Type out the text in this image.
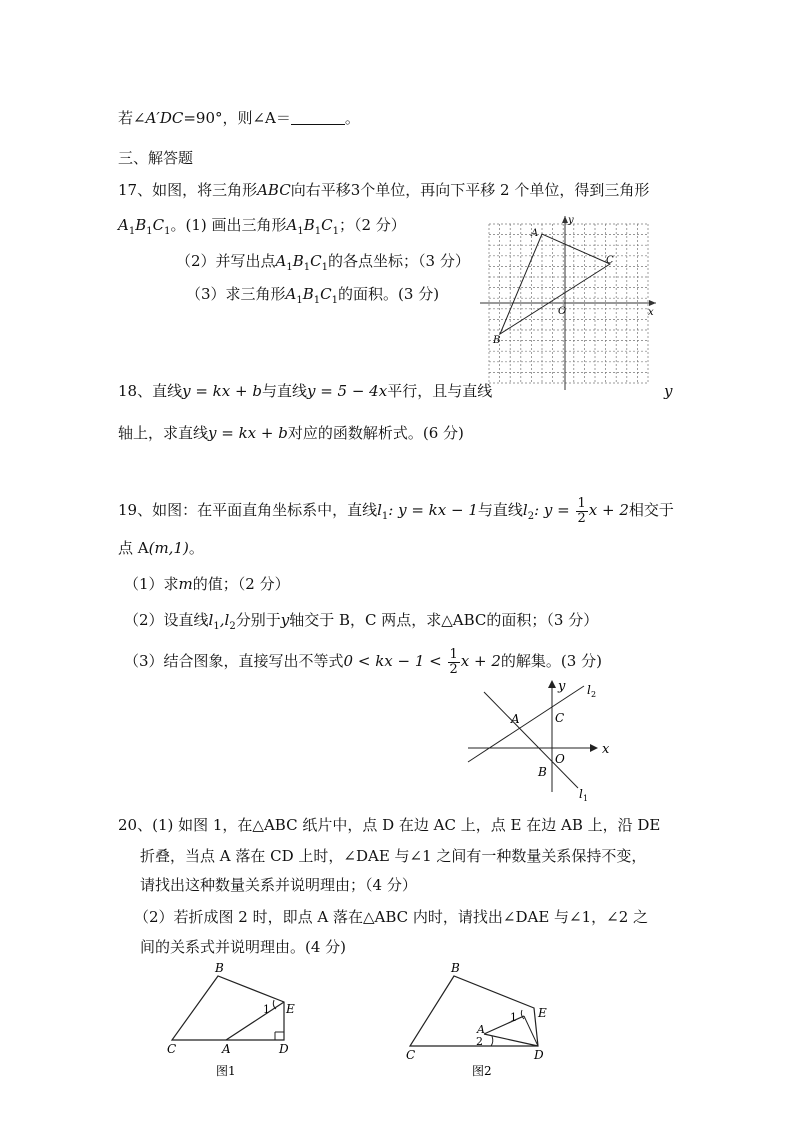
若∠A′DC=90°，则∠A＝	。
三、解答题
17、如图，将三角形ABC向右平移3个单位，再向下平移 2 个单位，得到三角形
$A_1B_1C_1$。(1) 画出三角形$A_1B_1C_1$；（2 分）
（2）并写出点$A_1B_1C_1$的各点坐标；（3 分）
（3）求三角形$A_1B_1C_1$的面积。(3 分)
A
B
C
O	x
y
18、直线y = kx + b与直线y = 5 − 4x平行，且与直线	y
轴上，求直线y = kx + b对应的函数解析式。(6 分)
19、如图：在平面直角坐标系中，直线$l_1$: y = kx − 1与直线$l_2$: $y = \frac{1}{2}$ x + 2相交于
点 A(m,1)。
（1）求m的值；（2 分）
（2）设直线$l_1,l_2$分别于y轴交于 B，C 两点，求△ABC的面积；（3 分）
（3）结合图象，直接写出不等式0 < kx − $1 < \frac{1}{2}$ x + 2的解集。(3 分)
y
x
l 2
l 1
A	C
O
B
20、(1) 如图 1，在△ABC 纸片中，点 D 在边 AC 上，点 E 在边 AB 上，沿 DE
折叠，当点 A 落在 CD 上时，∠DAE 与∠1 之间有一种数量关系保持不变，
请找出这种数量关系并说明理由；（4 分）
（2）若折成图 2 时，即点 A 落在△ABC 内时，请找出∠DAE 与∠1，∠2 之
间的关系式并说明理由。(4 分)
B
C	A	D
E
1
图1
B
C
A
D
E
1
2
图2
